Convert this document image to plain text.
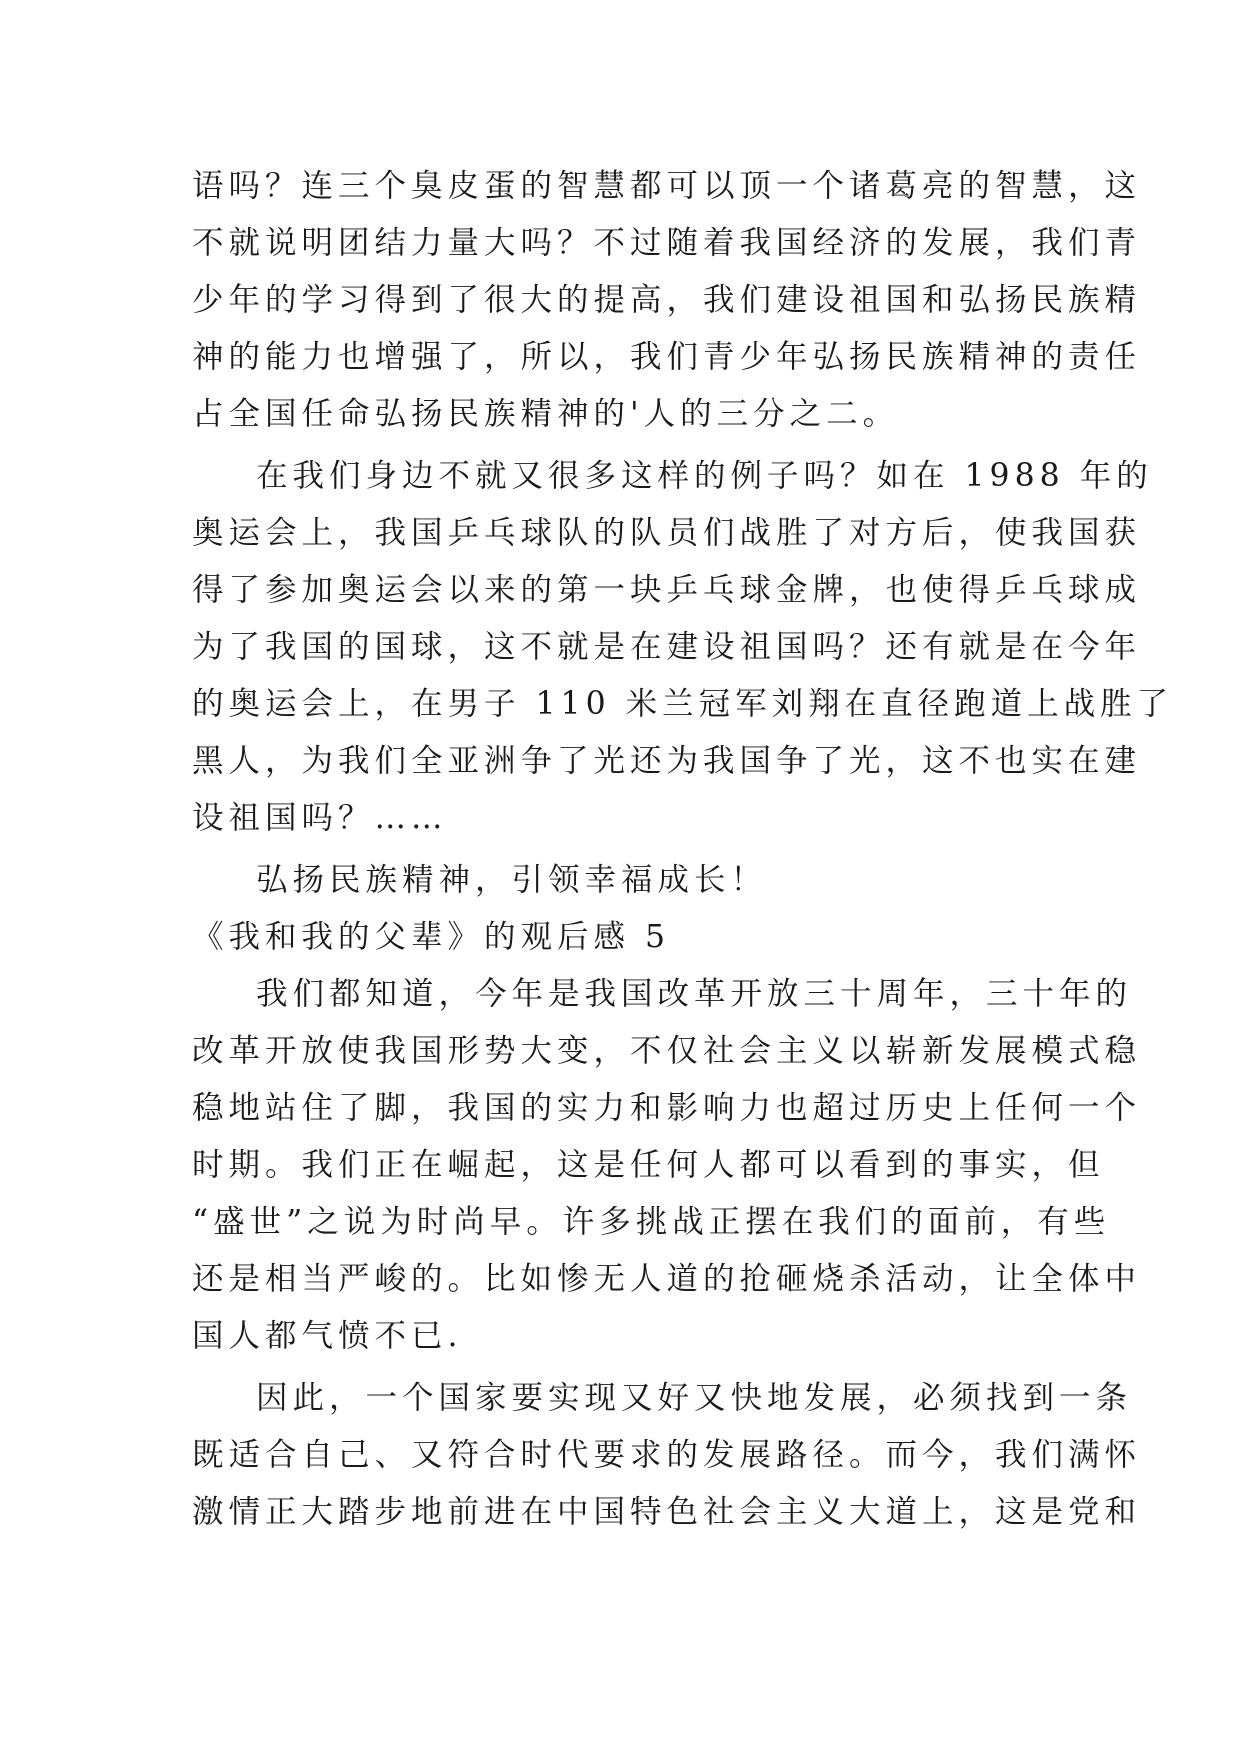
语吗？连三个臭皮蛋的智慧都可以顶一个诸葛亮的智慧，这

不就说明团结力量大吗？不过随着我国经济的发展，我们青

少年的学习得到了很大的提高，我们建设祖国和弘扬民族精

神的能力也增强了，所以，我们青少年弘扬民族精神的责任

占全国任命弘扬民族精神的'人的三分之二。

在我们身边不就又很多这样的例子吗？如在 1988 年的

奥运会上，我国乒乓球队的队员们战胜了对方后，使我国获

得了参加奥运会以来的第一块乒乓球金牌，也使得乒乓球成

为了我国的国球，这不就是在建设祖国吗？还有就是在今年

的奥运会上，在男子 110 米兰冠军刘翔在直径跑道上战胜了

黑人，为我们全亚洲争了光还为我国争了光，这不也实在建

设祖国吗？……

弘扬民族精神，引领幸福成长！

《我和我的父辈》的观后感 5

我们都知道，今年是我国改革开放三十周年，三十年的

改革开放使我国形势大变，不仅社会主义以崭新发展模式稳

稳地站住了脚，我国的实力和影响力也超过历史上任何一个

时期。我们正在崛起，这是任何人都可以看到的事实，但

“盛世”之说为时尚早。许多挑战正摆在我们的面前，有些

还是相当严峻的。比如惨无人道的抢砸烧杀活动，让全体中

国人都气愤不已.

因此，一个国家要实现又好又快地发展，必须找到一条

既适合自己、又符合时代要求的发展路径。而今，我们满怀

激情正大踏步地前进在中国特色社会主义大道上，这是党和
